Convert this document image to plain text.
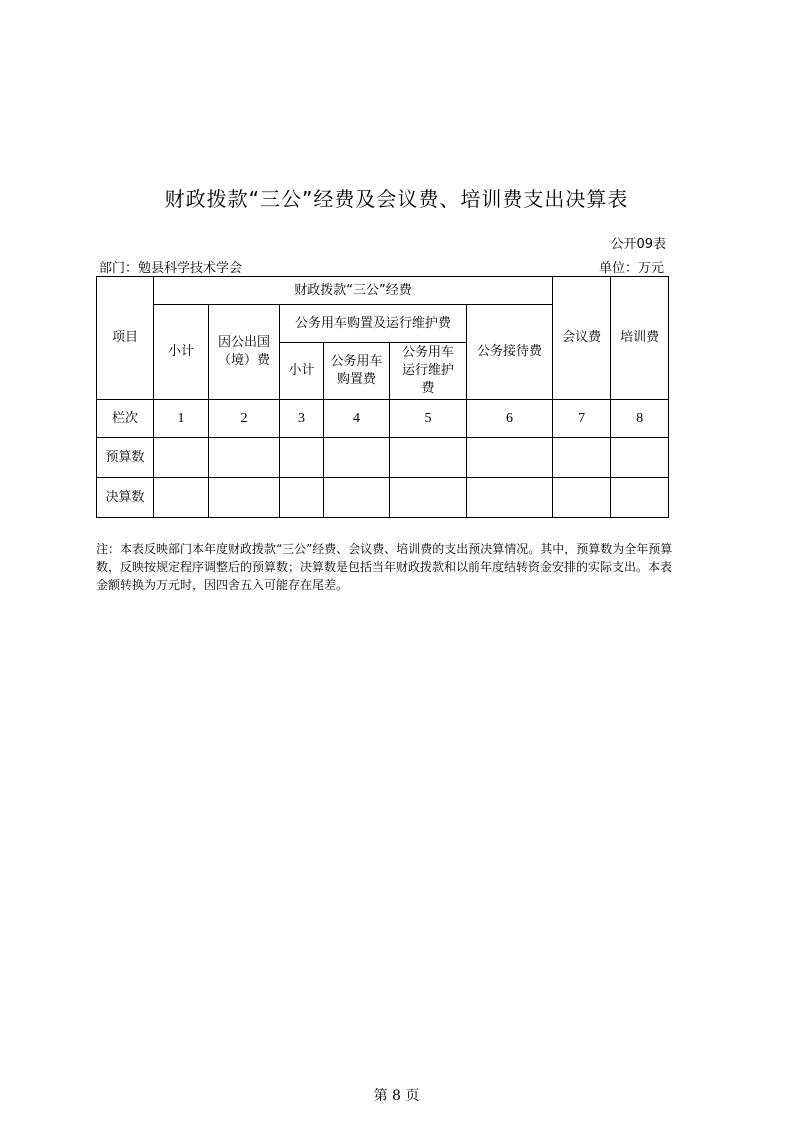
财政拨款“三公”经费及会议费、培训费支出决算表
公开09表
部门：勉县科学技术学会	单位：万元
项目	财政拨款“三公”经费						会议费	培训费
	小计	因公出国（境）费	公务用车购置及运行维护费			公务接待费		
			小计	公务用车购置费	公务用车运行维护费			
栏次	1	2	3	4	5	6	7	8
预算数								
决算数								
注：本表反映部门本年度财政拨款“三公”经费、会议费、培训费的支出预决算情况。其中，预算数为全年预算数，反映按规定程序调整后的预算数；决算数是包括当年财政拨款和以前年度结转资金安排的实际支出。本表金额转换为万元时，因四舍五入可能存在尾差。
第 8 页
